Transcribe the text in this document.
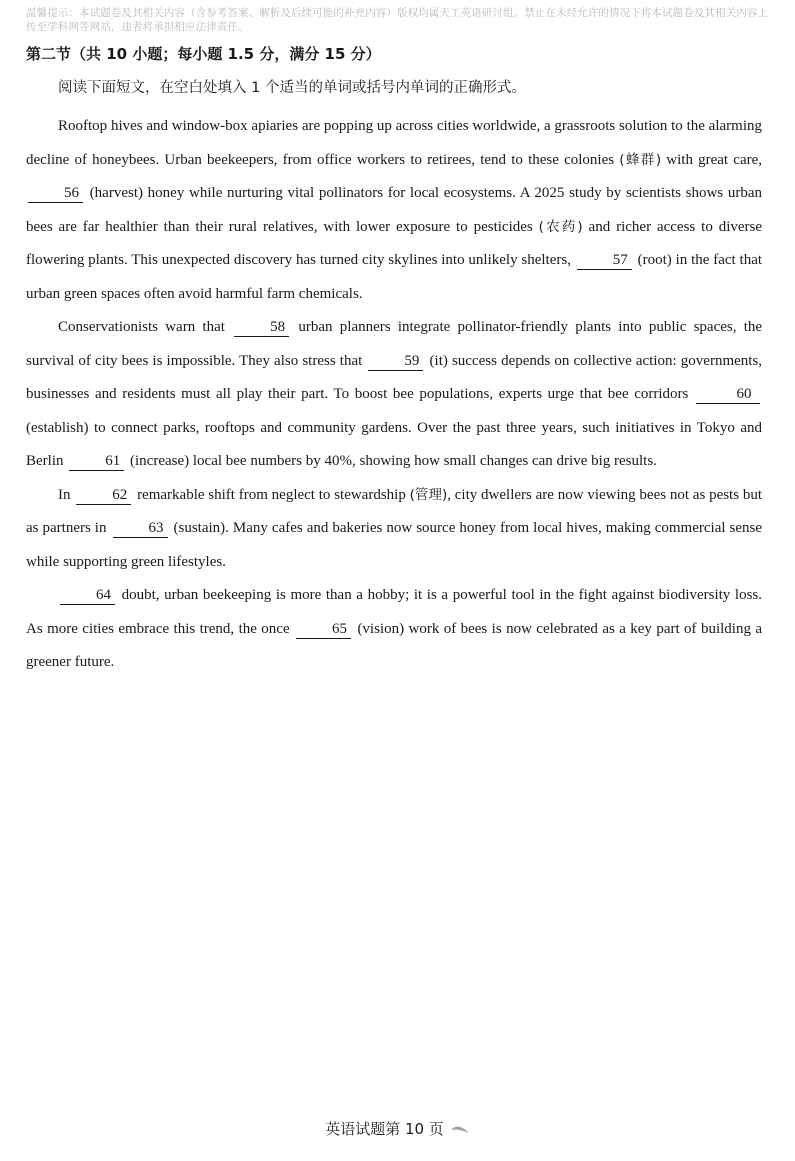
温馨提示：本试题卷及其相关内容（含参考答案、解析及后续可能的补充内容）版权均属天工英语研讨组。禁止在未经允许的情况下将本试题卷及其相关内容上传至学科网等网站，违者将承担相应法律责任。
第二节（共 10 小题；每小题 1.5 分，满分 15 分）
阅读下面短文，在空白处填入 1 个适当的单词或括号内单词的正确形式。

Rooftop hives and window-box apiaries are popping up across cities worldwide, a grassroots solution to the alarming decline of honeybees. Urban beekeepers, from office workers to retirees, tend to these colonies (蜂群) with great care, 56 (harvest) honey while nurturing vital pollinators for local ecosystems. A 2025 study by scientists shows urban bees are far healthier than their rural relatives, with lower exposure to pesticides (农药) and richer access to diverse flowering plants. This unexpected discovery has turned city skylines into unlikely shelters,	57 (root) in the fact that urban green spaces often avoid harmful farm chemicals.

Conservationists warn that	58 urban planners integrate pollinator-friendly plants into public spaces, the survival of city bees is impossible. They also stress that	59 (it) success depends on collective action: governments, businesses and residents must all play their part. To boost bee populations, experts urge that bee corridors	60 (establish) to connect parks, rooftops and community gardens. Over the past three years, such initiatives in Tokyo and Berlin	61 (increase) local bee numbers by 40%, showing how small changes can drive big results.

In	62 remarkable shift from neglect to stewardship (管理), city dwellers are now viewing bees not as pests but as partners in	63 (sustain). Many cafes and bakeries now source honey from local hives, making commercial sense while supporting green lifestyles.

64 doubt, urban beekeeping is more than a hobby; it is a powerful tool in the fight against biodiversity loss. As more cities embrace this trend, the once	65 (vision) work of bees is now celebrated as a key part of building a greener future.

英语试题第 10 页
